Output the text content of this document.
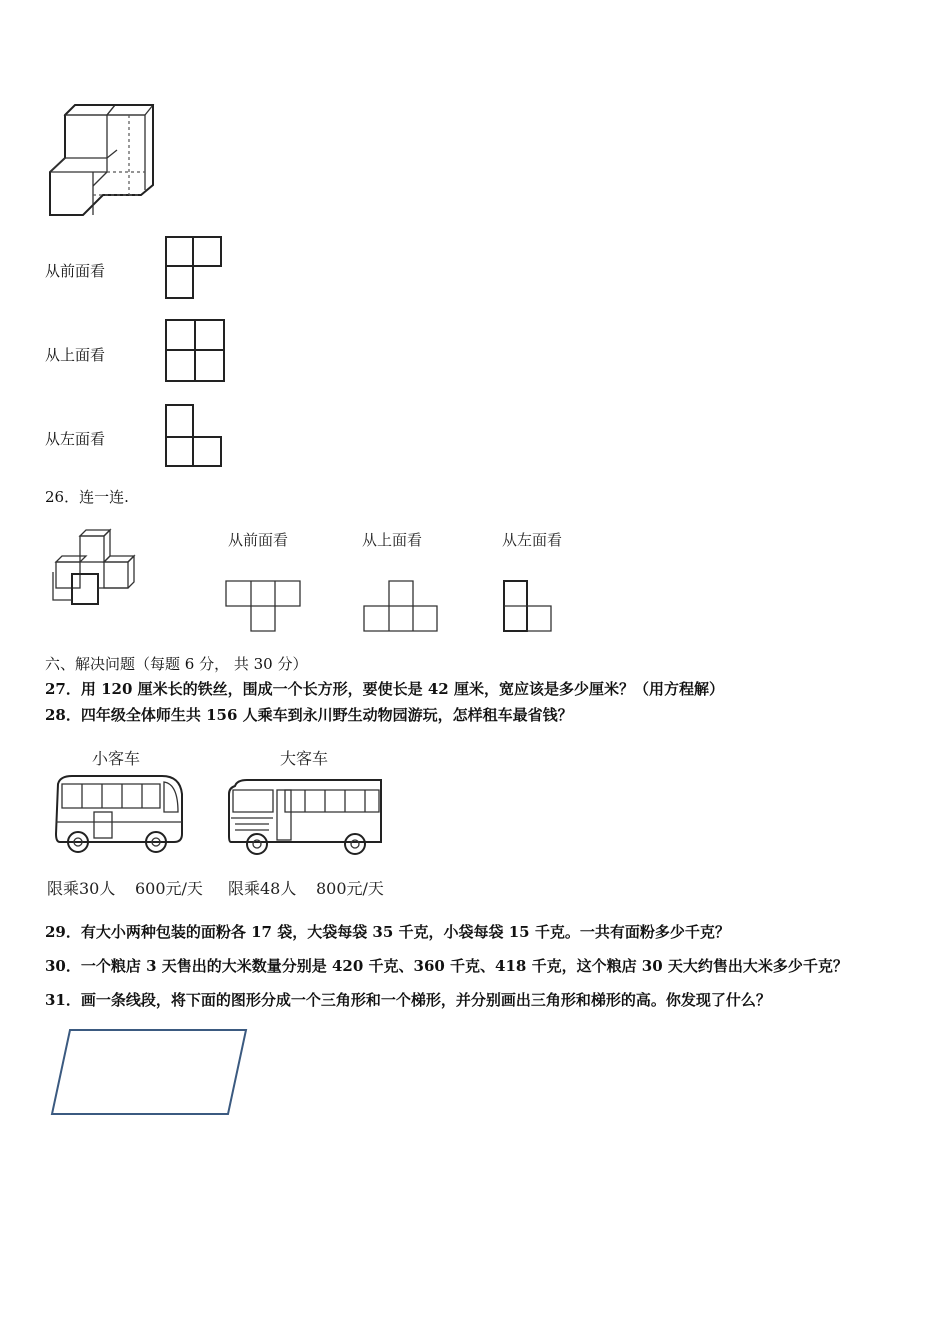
从前面看
从上面看
从左面看
26．连一连.
从前面看	从上面看	从左面看
六、解决问题（每题 6 分， 共 30 分）
27．用 120 厘米长的铁丝，围成一个长方形，要使长是 42 厘米，宽应该是多少厘米？（用方程解）
28．四年级全体师生共 156 人乘车到永川野生动物园游玩，怎样租车最省钱？
小客车
限乘30人 600元/天
大客车
限乘48人 800元/天
29．有大小两种包装的面粉各 17 袋，大袋每袋 35 千克，小袋每袋 15 千克。一共有面粉多少千克？
30．一个粮店 3 天售出的大米数量分别是 420 千克、360 千克、418 千克，这个粮店 30 天大约售出大米多少千克？
31．画一条线段，将下面的图形分成一个三角形和一个梯形，并分别画出三角形和梯形的高。你发现了什么？
